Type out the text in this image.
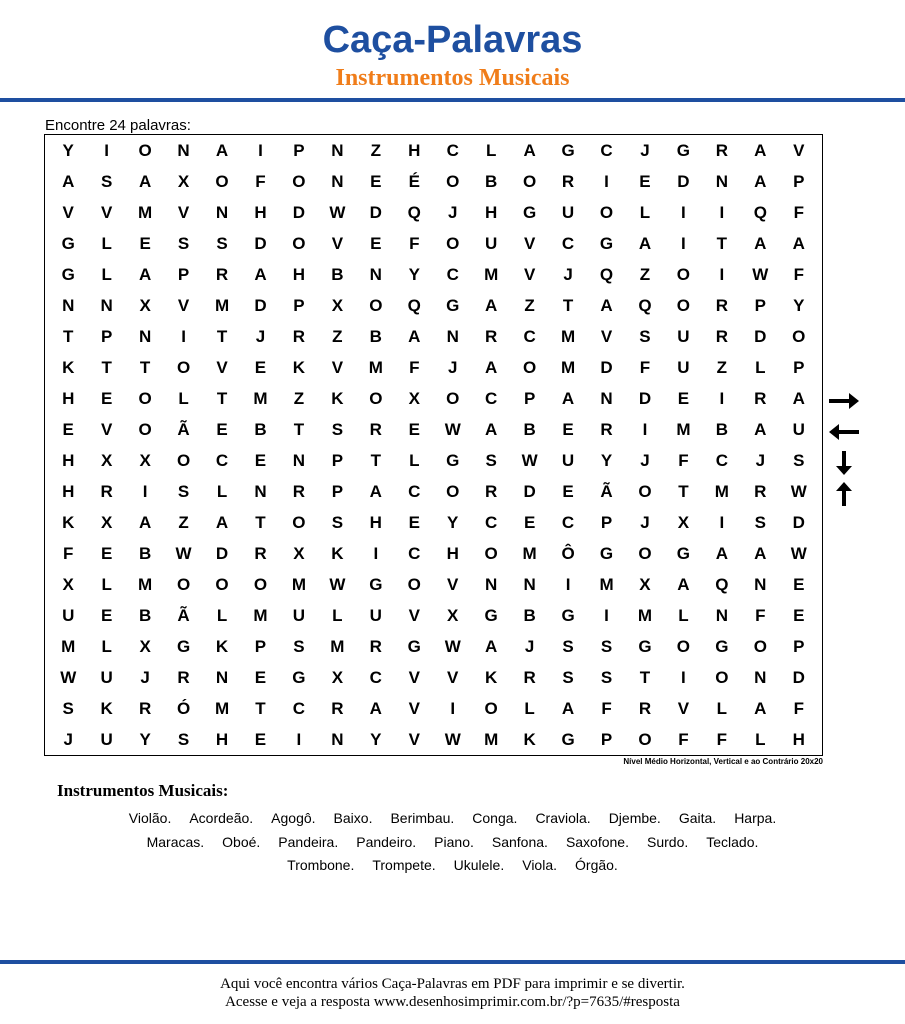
Caça-Palavras
Instrumentos Musicais
Encontre 24 palavras:
Y	I	O	N	A	I	P	N	Z	H	C	L	A	G	C	J	G	R	A	V
A	S	A	X	O	F	O	N	E	É	O	B	O	R	I	E	D	N	A	P
V	V	M	V	N	H	D	W	D	Q	J	H	G	U	O	L	I	I	Q	F
G	L	E	S	S	D	O	V	E	F	O	U	V	C	G	A	I	T	A	A
G	L	A	P	R	A	H	B	N	Y	C	M	V	J	Q	Z	O	I	W	F
N	N	X	V	M	D	P	X	O	Q	G	A	Z	T	A	Q	O	R	P	Y
T	P	N	I	T	J	R	Z	B	A	N	R	C	M	V	S	U	R	D	O
K	T	T	O	V	E	K	V	M	F	J	A	O	M	D	F	U	Z	L	P
H	E	O	L	T	M	Z	K	O	X	O	C	P	A	N	D	E	I	R	A
E	V	O	Ã	E	B	T	S	R	E	W	A	B	E	R	I	M	B	A	U
H	X	X	O	C	E	N	P	T	L	G	S	W	U	Y	J	F	C	J	S
H	R	I	S	L	N	R	P	A	C	O	R	D	E	Ã	O	T	M	R	W
K	X	A	Z	A	T	O	S	H	E	Y	C	E	C	P	J	X	I	S	D
F	E	B	W	D	R	X	K	I	C	H	O	M	Ô	G	O	G	A	A	W
X	L	M	O	O	O	M	W	G	O	V	N	N	I	M	X	A	Q	N	E
U	E	B	Ã	L	M	U	L	U	V	X	G	B	G	I	M	L	N	F	E
M	L	X	G	K	P	S	M	R	G	W	A	J	S	S	G	O	G	O	P
W	U	J	R	N	E	G	X	C	V	V	K	R	S	S	T	I	O	N	D
S	K	R	Ó	M	T	C	R	A	V	I	O	L	A	F	R	V	L	A	F
J	U	Y	S	H	E	I	N	Y	V	W	M	K	G	P	O	F	F	L	H
Nível Médio Horizontal, Vertical e ao Contrário 20x20
Instrumentos Musicais:
Violão. Acordeão. Agogô. Baixo. Berimbau. Conga. Craviola. Djembe. Gaita. Harpa.
Maracas. Oboé. Pandeira. Pandeiro. Piano. Sanfona. Saxofone. Surdo. Teclado.
Trombone. Trompete. Ukulele. Viola. Órgão.
Aqui você encontra vários Caça-Palavras em PDF para imprimir e se divertir.
Acesse e veja a resposta www.desenhosimprimir.com.br/?p=7635/#resposta
